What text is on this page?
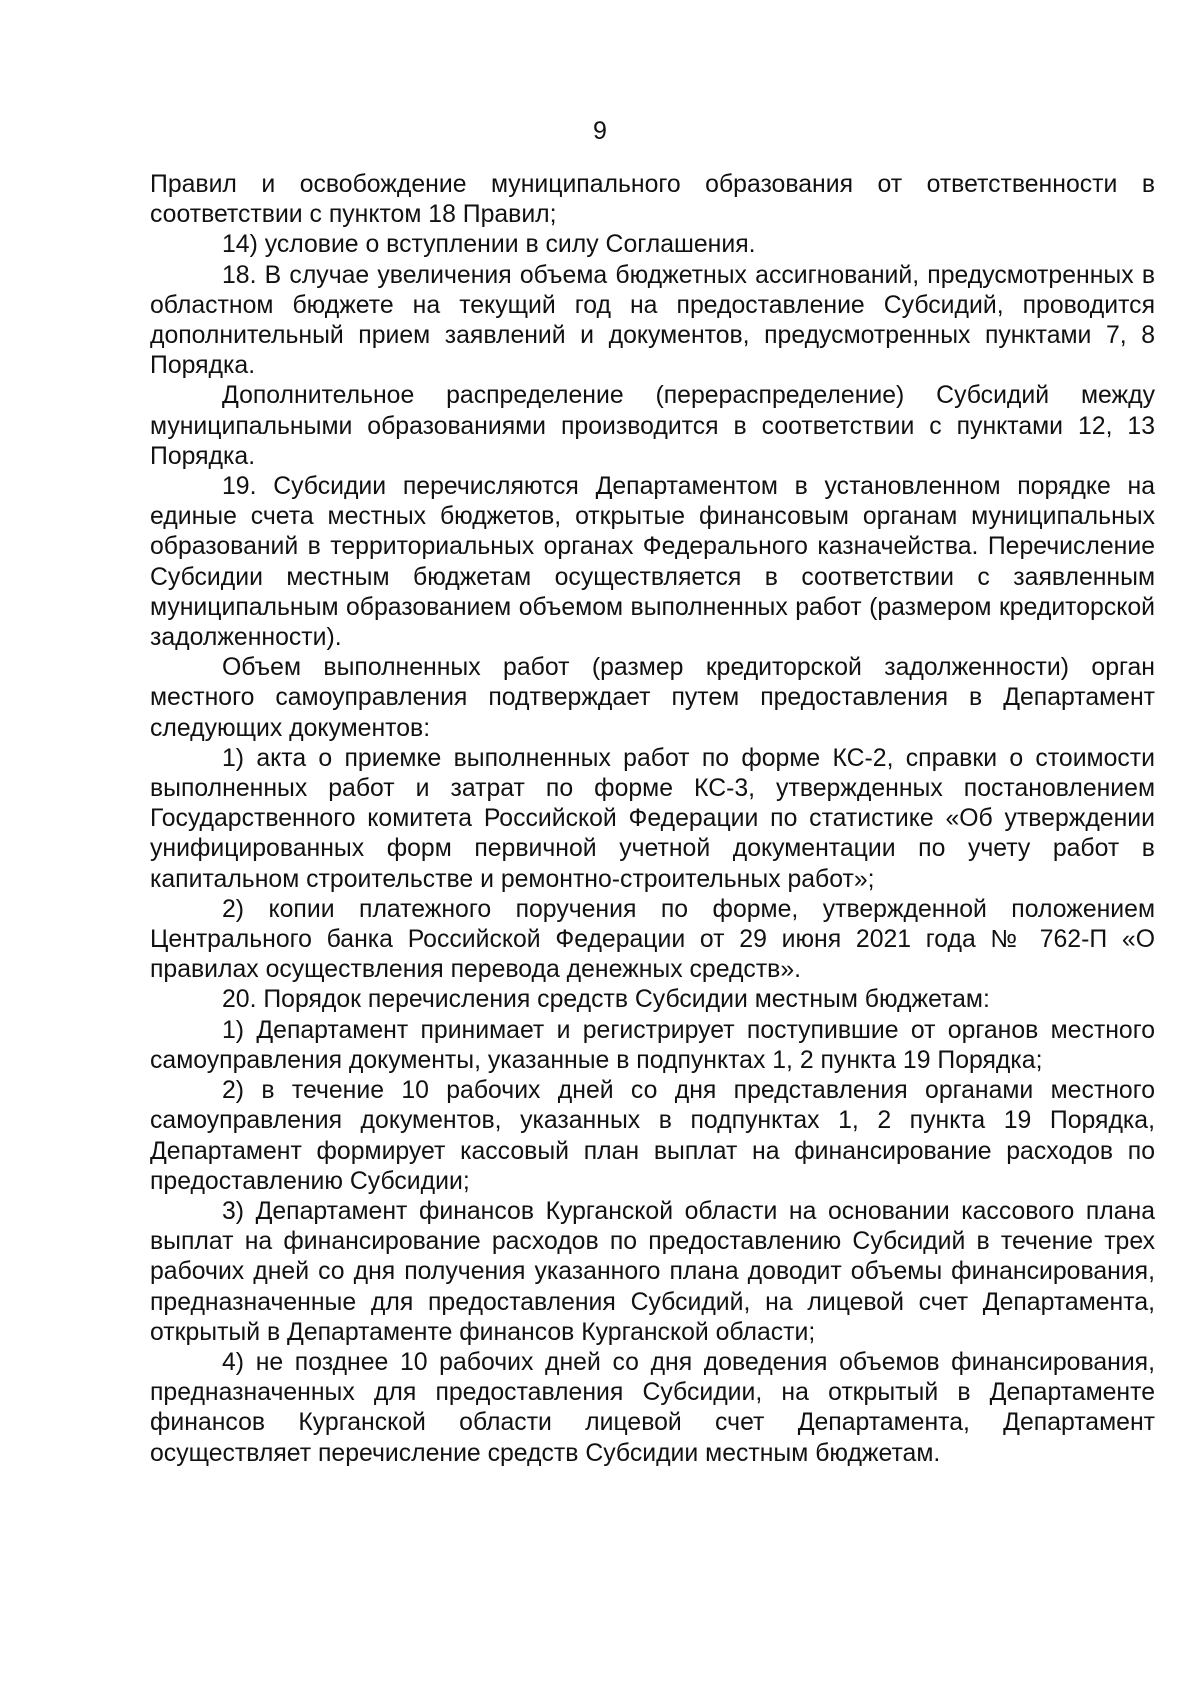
9

Правил и освобождение муниципального образования от ответственности в соответствии с пунктом 18 Правил;

14) условие о вступлении в силу Соглашения.

18. В случае увеличения объема бюджетных ассигнований, предусмотренных в областном бюджете на текущий год на предоставление Субсидий, проводится дополнительный прием заявлений и документов, предусмотренных пунктами 7, 8 Порядка.

Дополнительное распределение (перераспределение) Субсидий между муниципальными образованиями производится в соответствии с пунктами 12, 13 Порядка.

19. Субсидии перечисляются Департаментом в установленном порядке на единые счета местных бюджетов, открытые финансовым органам муниципальных образований в территориальных органах Федерального казначейства. Перечисление Субсидии местным бюджетам осуществляется в соответствии с заявленным муниципальным образованием объемом выполненных работ (размером кредиторской задолженности).

Объем выполненных работ (размер кредиторской задолженности) орган местного самоуправления подтверждает путем предоставления в Департамент следующих документов:

1) акта о приемке выполненных работ по форме КС-2, справки о стоимости выполненных работ и затрат по форме КС-3, утвержденных постановлением Государственного комитета Российской Федерации по статистике «Об утверждении унифицированных форм первичной учетной документации по учету работ в капитальном строительстве и ремонтно-строительных работ»;

2) копии платежного поручения по форме, утвержденной положением Центрального банка Российской Федерации от 29 июня 2021 года № 762-П «О правилах осуществления перевода денежных средств».

20. Порядок перечисления средств Субсидии местным бюджетам:

1) Департамент принимает и регистрирует поступившие от органов местного самоуправления документы, указанные в подпунктах 1, 2 пункта 19 Порядка;

2) в течение 10 рабочих дней со дня представления органами местного самоуправления документов, указанных в подпунктах 1, 2 пункта 19 Порядка, Департамент формирует кассовый план выплат на финансирование расходов по предоставлению Субсидии;

3) Департамент финансов Курганской области на основании кассового плана выплат на финансирование расходов по предоставлению Субсидий в течение трех рабочих дней со дня получения указанного плана доводит объемы финансирования, предназначенные для предоставления Субсидий, на лицевой счет Департамента, открытый в Департаменте финансов Курганской области;

4) не позднее 10 рабочих дней со дня доведения объемов финансирования, предназначенных для предоставления Субсидии, на открытый в Департаменте финансов Курганской области лицевой счет Департамента, Департамент осуществляет перечисление средств Субсидии местным бюджетам.
